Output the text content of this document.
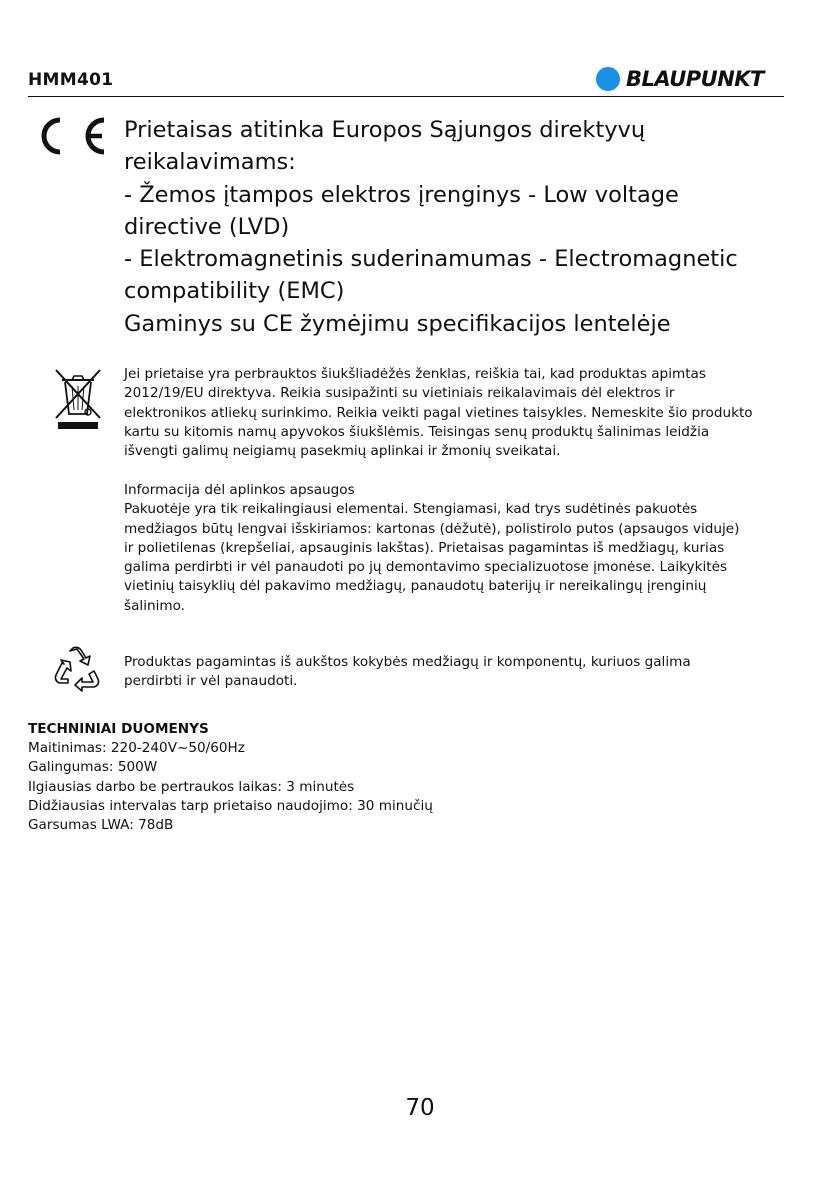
HMM401	BLAUPUNKT
Prietaisas atitinka Europos Sąjungos direktyvų
reikalavimams:
- Žemos įtampos elektros įrenginys - Low voltage
directive (LVD)
- Elektromagnetinis suderinamumas - Electromagnetic
compatibility (EMC)
Gaminys su CE žymėjimu specifikacijos lentelėje
Jei prietaise yra perbrauktos šiukšliadėžės ženklas, reiškia tai, kad produktas apimtas
2012/19/EU direktyva. Reikia susipažinti su vietiniais reikalavimais dėl elektros ir
elektronikos atliekų surinkimo. Reikia veikti pagal vietines taisykles. Nemeskite šio produkto
kartu su kitomis namų apyvokos šiukšlėmis. Teisingas senų produktų šalinimas leidžia
išvengti galimų neigiamų pasekmių aplinkai ir žmonių sveikatai.
Informacija dėl aplinkos apsaugos
Pakuotėje yra tik reikalingiausi elementai. Stengiamasi, kad trys sudėtinės pakuotės
medžiagos būtų lengvai išskiriamos: kartonas (dėžutė), polistirolo putos (apsaugos viduje)
ir polietilenas (krepšeliai, apsauginis lakštas). Prietaisas pagamintas iš medžiagų, kurias
galima perdirbti ir vėl panaudoti po jų demontavimo specializuotose įmonėse. Laikykitės
vietinių taisyklių dėl pakavimo medžiagų, panaudotų baterijų ir nereikalingų įrenginių
šalinimo.
Produktas pagamintas iš aukštos kokybės medžiagų ir komponentų, kuriuos galima
perdirbti ir vėl panaudoti.
TECHNINIAI DUOMENYS
Maitinimas: 220-240V~50/60Hz
Galingumas: 500W
Ilgiausias darbo be pertraukos laikas: 3 minutės
Didžiausias intervalas tarp prietaiso naudojimo: 30 minučių
Garsumas LWA: 78dB
70
